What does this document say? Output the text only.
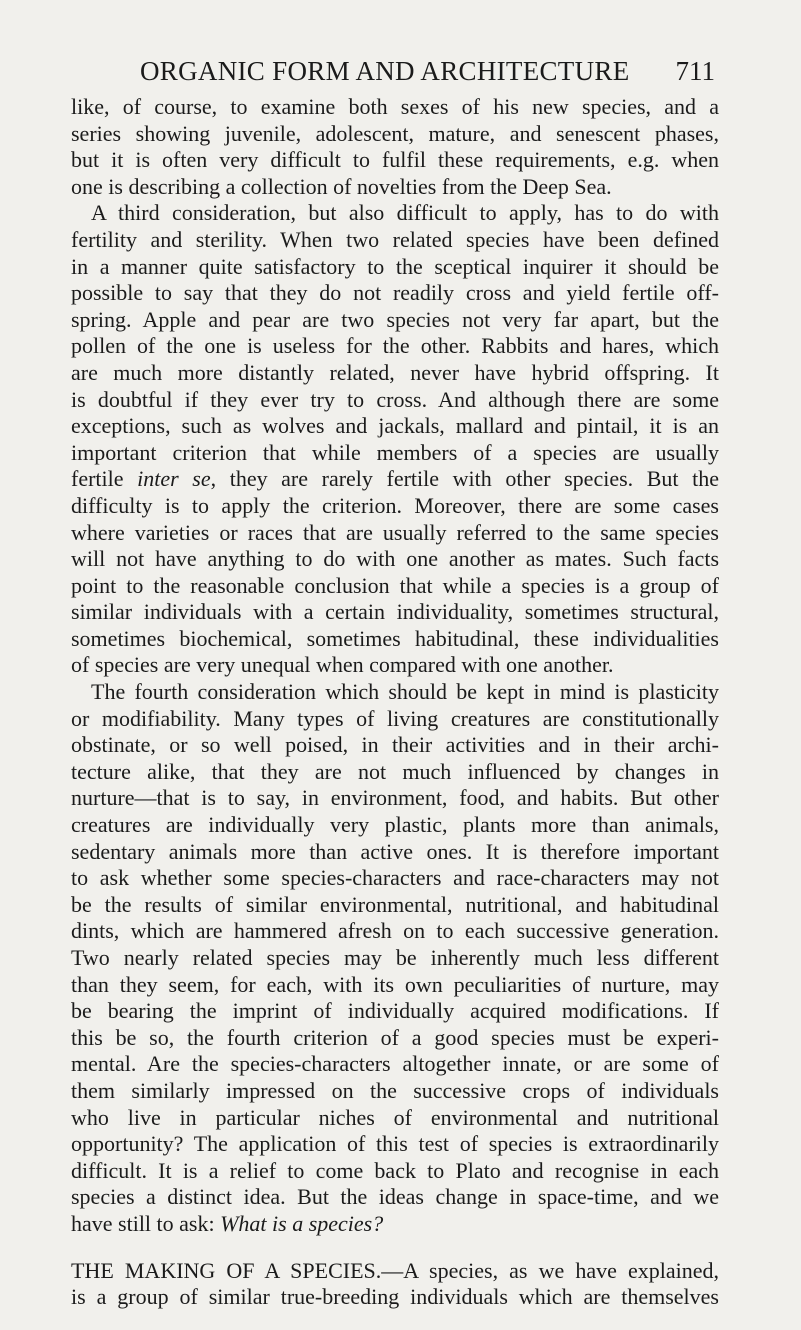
ORGANIC FORM AND ARCHITECTURE 711
like, of course, to examine both sexes of his new species, and a
series showing juvenile, adolescent, mature, and senescent phases,
but it is often very difficult to fulfil these requirements, e.g. when
one is describing a collection of novelties from the Deep Sea.
A third consideration, but also difficult to apply, has to do with
fertility and sterility. When two related species have been defined
in a manner quite satisfactory to the sceptical inquirer it should be
possible to say that they do not readily cross and yield fertile off-
spring. Apple and pear are two species not very far apart, but the
pollen of the one is useless for the other. Rabbits and hares, which
are much more distantly related, never have hybrid offspring. It
is doubtful if they ever try to cross. And although there are some
exceptions, such as wolves and jackals, mallard and pintail, it is an
important criterion that while members of a species are usually
fertile inter se, they are rarely fertile with other species. But the
difficulty is to apply the criterion. Moreover, there are some cases
where varieties or races that are usually referred to the same species
will not have anything to do with one another as mates. Such facts
point to the reasonable conclusion that while a species is a group of
similar individuals with a certain individuality, sometimes structural,
sometimes biochemical, sometimes habitudinal, these individualities
of species are very unequal when compared with one another.
The fourth consideration which should be kept in mind is plasticity
or modifiability. Many types of living creatures are constitutionally
obstinate, or so well poised, in their activities and in their archi-
tecture alike, that they are not much influenced by changes in
nurture—that is to say, in environment, food, and habits. But other
creatures are individually very plastic, plants more than animals,
sedentary animals more than active ones. It is therefore important
to ask whether some species-characters and race-characters may not
be the results of similar environmental, nutritional, and habitudinal
dints, which are hammered afresh on to each successive generation.
Two nearly related species may be inherently much less different
than they seem, for each, with its own peculiarities of nurture, may
be bearing the imprint of individually acquired modifications. If
this be so, the fourth criterion of a good species must be experi-
mental. Are the species-characters altogether innate, or are some of
them similarly impressed on the successive crops of individuals
who live in particular niches of environmental and nutritional
opportunity? The application of this test of species is extraordinarily
difficult. It is a relief to come back to Plato and recognise in each
species a distinct idea. But the ideas change in space-time, and we
have still to ask: What is a species?
THE MAKING OF A SPECIES.—A species, as we have explained,
is a group of similar true-breeding individuals which are themselves
